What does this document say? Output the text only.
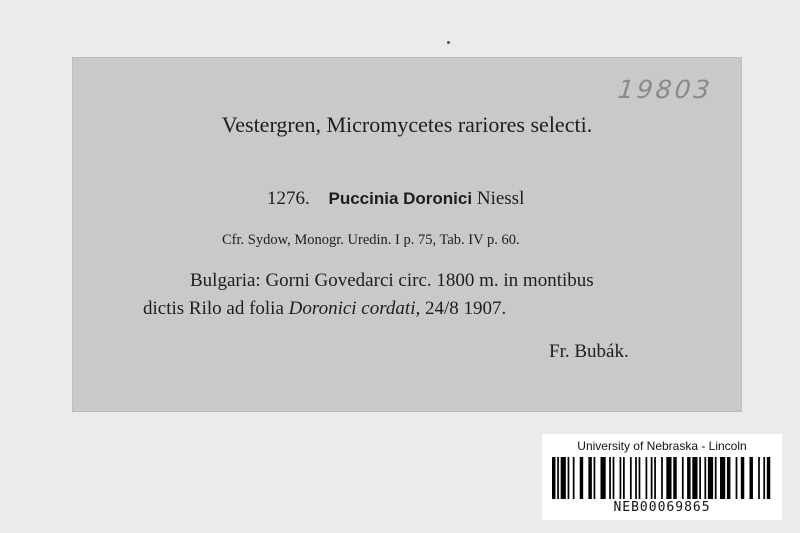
19803
Vestergren, Micromycetes rariores selecti.
1276. Puccinia Doronici Niessl
Cfr. Sydow, Monogr. Uredin. I p. 75, Tab. IV p. 60.
Bulgaria: Gorni Govedarci circ. 1800 m. in montibus
dictis Rilo ad folia Doronici cordati, 24/8 1907.
Fr. Bubák.
University of Nebraska - Lincoln
NEB00069865
